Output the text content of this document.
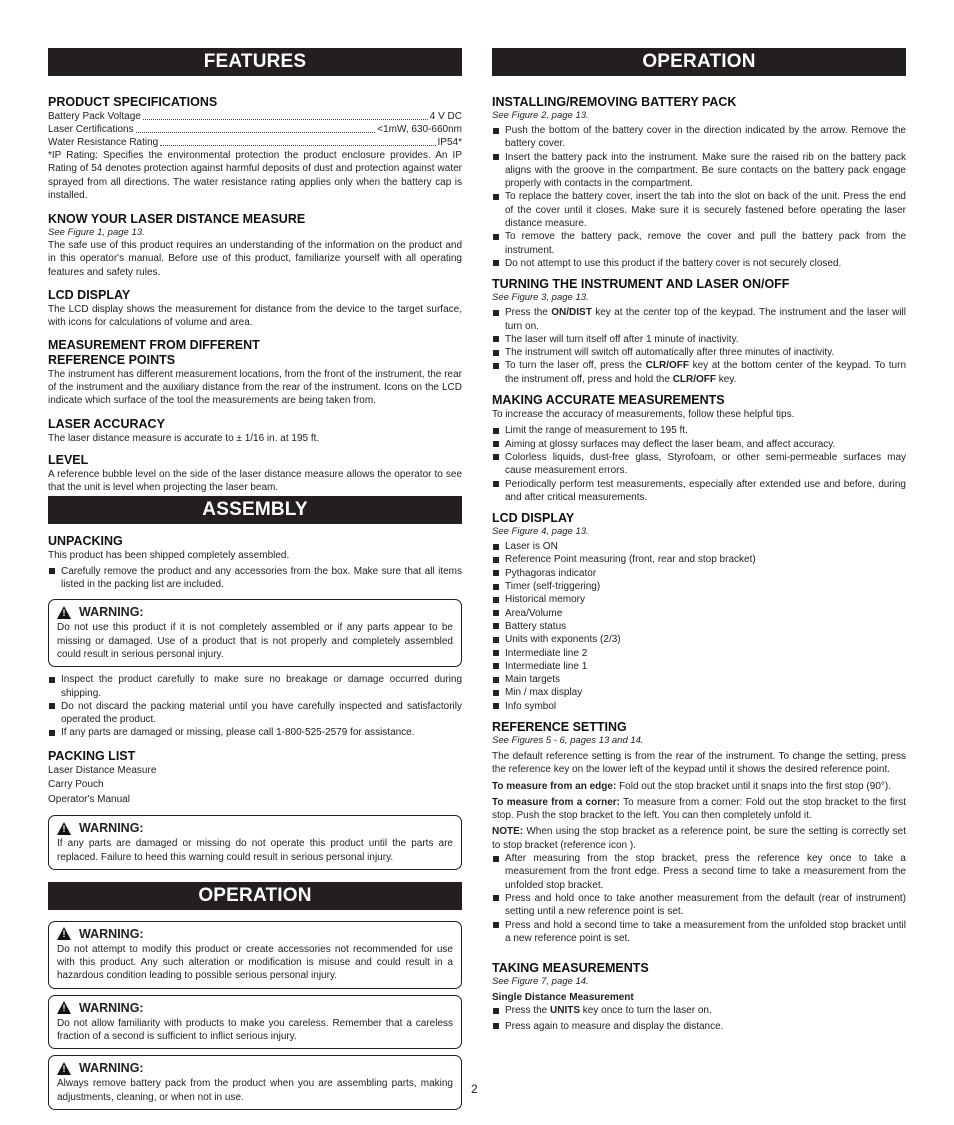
FEATURES
PRODUCT SPECIFICATIONS
Battery Pack Voltage	4 V DC
Laser Certifications	<1mW, 630-660nm
Water Resistance Rating	IP54*

*IP Rating: Specifies the environmental protection the product enclosure provides. An IP Rating of 54 denotes protection against harmful deposits of dust and protection against water sprayed from all directions. The water resistance rating applies only when the battery cap is installed.

KNOW YOUR LASER DISTANCE MEASURE

See Figure 1, page 13.

The safe use of this product requires an understanding of the information on the product and in this operator's manual. Before use of this product, familiarize yourself with all operating features and safety rules.

LCD DISPLAY

The LCD display shows the measurement for distance from the device to the target surface, with icons for calculations of volume and area.

MEASUREMENT FROM DIFFERENT
REFERENCE POINTS

The instrument has different measurement locations, from the front of the instrument, the rear of the instrument and the auxiliary distance from the rear of the instrument. Icons on the LCD indicate which surface of the tool the measurements are being taken from.

LASER ACCURACY

The laser distance measure is accurate to ± 1/16 in. at 195 ft.

LEVEL

A reference bubble level on the side of the laser distance measure allows the operator to see that the unit is level when projecting the laser beam.

ASSEMBLY
UNPACKING

This product has been shipped completely assembled.

Carefully remove the product and any accessories from the box. Make sure that all items listed in the packing list are included.
! WARNING:

Do not use this product if it is not completely assembled or if any parts appear to be missing or damaged. Use of a product that is not properly and completely assembled could result in serious personal injury.

Inspect the product carefully to make sure no breakage or damage occurred during shipping.
Do not discard the packing material until you have carefully inspected and satisfactorily operated the product.
If any parts are damaged or missing, please call 1-800-525-2579 for assistance.
PACKING LIST
Laser Distance Measure
Carry Pouch
Operator's Manual
! WARNING:

If any parts are damaged or missing do not operate this product until the parts are replaced. Failure to heed this warning could result in serious personal injury.

OPERATION
! WARNING:

Do not attempt to modify this product or create accessories not recommended for use with this product. Any such alteration or modification is misuse and could result in a hazardous condition leading to possible serious personal injury.

! WARNING:

Do not allow familiarity with products to make you careless. Remember that a careless fraction of a second is sufficient to inflict serious injury.

! WARNING:

Always remove battery pack from the product when you are assembling parts, making adjustments, cleaning, or when not in use.

OPERATION
INSTALLING/REMOVING BATTERY PACK

See Figure 2, page 13.

Push the bottom of the battery cover in the direction indicated by the arrow. Remove the battery cover.
Insert the battery pack into the instrument. Make sure the raised rib on the battery pack aligns with the groove in the compartment. Be sure contacts on the battery pack engage properly with contacts in the compartment.
To replace the battery cover, insert the tab into the slot on back of the unit. Press the end of the cover until it closes. Make sure it is securely fastened before operating the laser distance measure.
To remove the battery pack, remove the cover and pull the battery pack from the instrument.
Do not attempt to use this product if the battery cover is not securely closed.
TURNING THE INSTRUMENT AND LASER ON/OFF

See Figure 3, page 13.

Press the ON/DIST key at the center top of the keypad. The instrument and the laser will turn on.
The laser will turn itself off after 1 minute of inactivity.
The instrument will switch off automatically after three minutes of inactivity.
To turn the laser off, press the CLR/OFF key at the bottom center of the keypad. To turn the instrument off, press and hold the CLR/OFF key.
MAKING ACCURATE MEASUREMENTS

To increase the accuracy of measurements, follow these helpful tips.

Limit the range of measurement to 195 ft.
Aiming at glossy surfaces may deflect the laser beam, and affect accuracy.
Colorless liquids, dust-free glass, Styrofoam, or other semi-permeable surfaces may cause measurement errors.
Periodically perform test measurements, especially after extended use and before, during and after critical measurements.
LCD DISPLAY

See Figure 4, page 13.

Laser is ON
Reference Point measuring (front, rear and stop bracket)
Pythagoras indicator
Timer (self-triggering)
Historical memory
Area/Volume
Battery status
Units with exponents (2/3)
Intermediate line 2
Intermediate line 1
Main targets
Min / max display
Info symbol
REFERENCE SETTING

See Figures 5 - 6, pages 13 and 14.

The default reference setting is from the rear of the instrument. To change the setting, press the reference key on the lower left of the keypad until it shows the desired reference point.

To measure from an edge: Fold out the stop bracket until it snaps into the first stop (90°).

To measure from a corner: To measure from a corner: Fold out the stop bracket to the first stop. Push the stop bracket to the left. You can then completely unfold it.

NOTE: When using the stop bracket as a reference point, be sure the setting is correctly set to stop bracket (reference icon ).

After measuring from the stop bracket, press the reference key once to take a measurement from the front edge. Press a second time to take a measurement from the unfolded stop bracket.
Press and hold once to take another measurement from the default (rear of instrument) setting until a new reference point is set.
Press and hold a second time to take a measurement from the unfolded stop bracket until a new reference point is set.
TAKING MEASUREMENTS

See Figure 7, page 14.

Single Distance Measurement

Press the UNITS key once to turn the laser on.
Press again to measure and display the distance.
2
